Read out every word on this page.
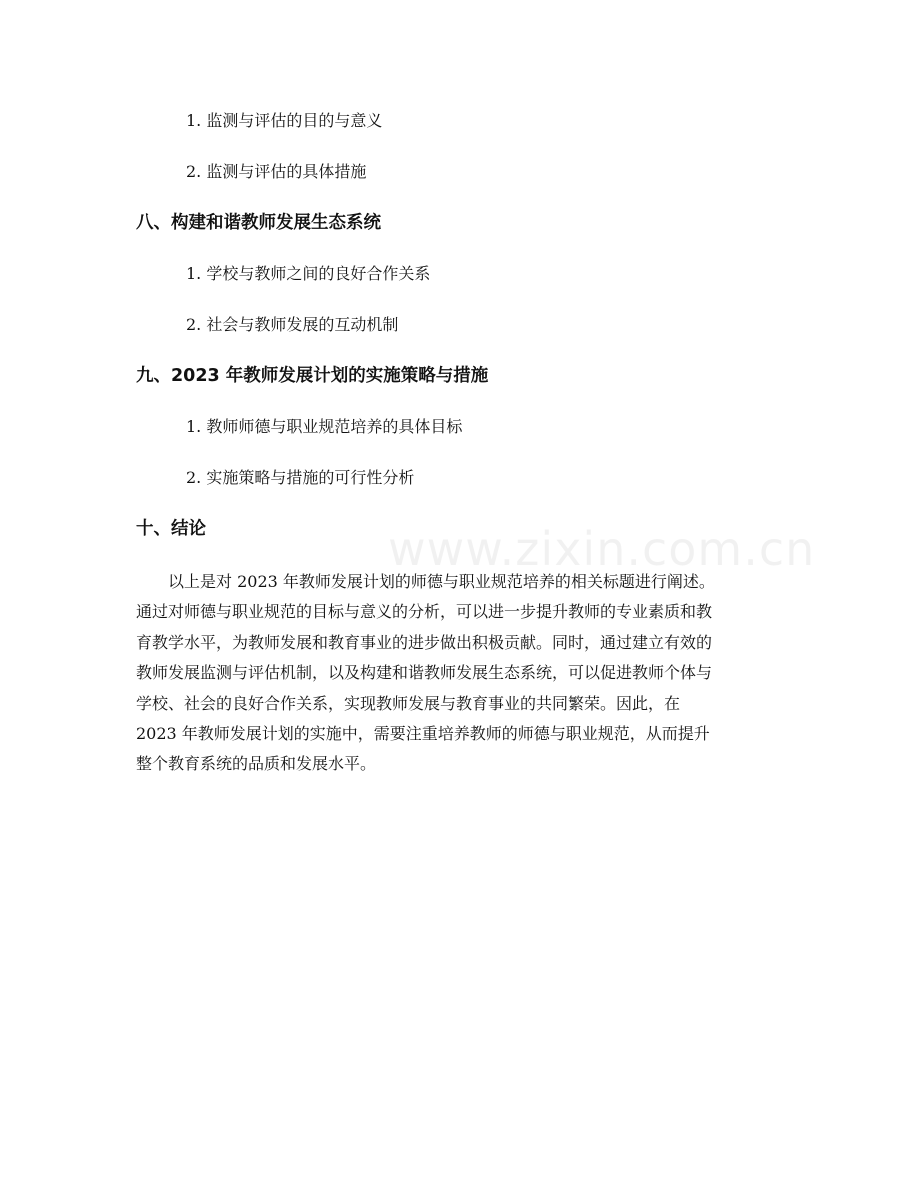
1. 监测与评估的目的与意义
2. 监测与评估的具体措施
八、构建和谐教师发展生态系统
1. 学校与教师之间的良好合作关系
2. 社会与教师发展的互动机制
九、2023 年教师发展计划的实施策略与措施
1. 教师师德与职业规范培养的具体目标
2. 实施策略与措施的可行性分析
十、结论
以上是对 2023 年教师发展计划的师德与职业规范培养的相关标题进行阐述。
通过对师德与职业规范的目标与意义的分析，可以进一步提升教师的专业素质和教
育教学水平，为教师发展和教育事业的进步做出积极贡献。同时，通过建立有效的
教师发展监测与评估机制，以及构建和谐教师发展生态系统，可以促进教师个体与
学校、社会的良好合作关系，实现教师发展与教育事业的共同繁荣。因此，在
2023 年教师发展计划的实施中，需要注重培养教师的师德与职业规范，从而提升
整个教育系统的品质和发展水平。
www.zixin.com.cn
